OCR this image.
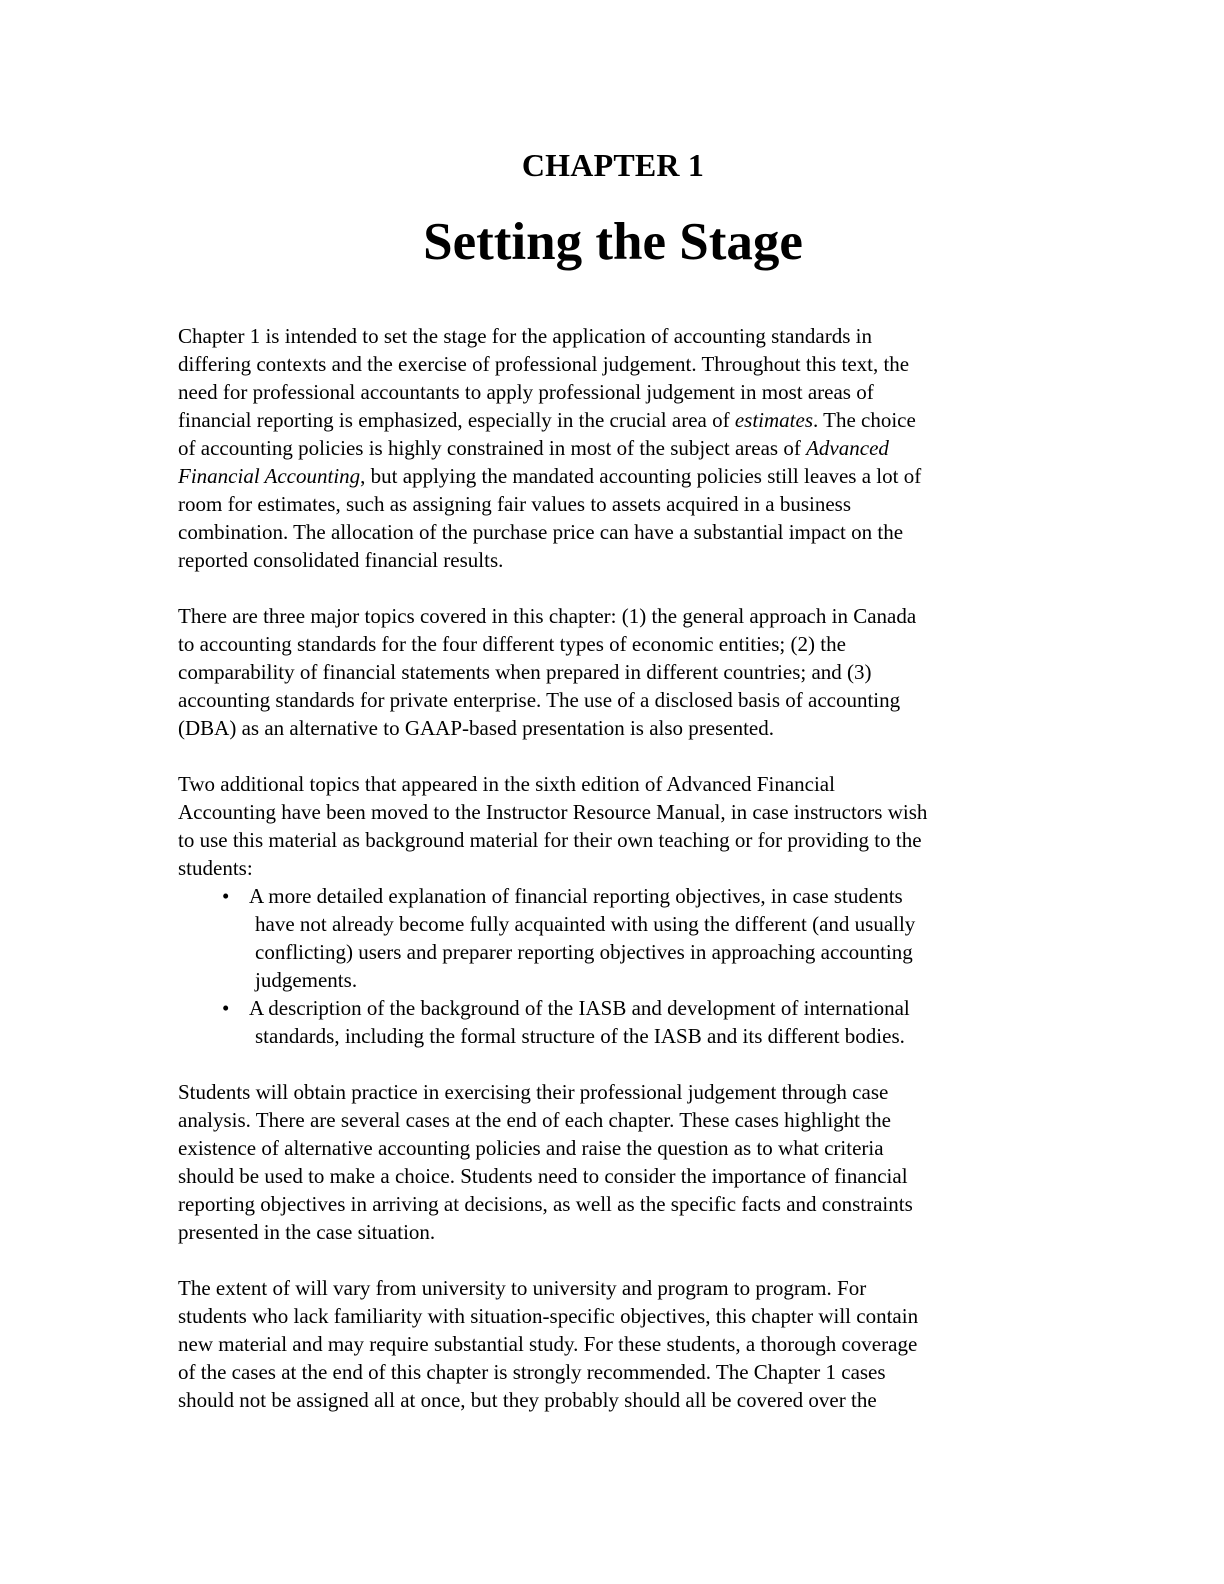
CHAPTER 1
Setting the Stage
Chapter 1 is intended to set the stage for the application of accounting standards in
differing contexts and the exercise of professional judgement. Throughout this text, the
need for professional accountants to apply professional judgement in most areas of
financial reporting is emphasized, especially in the crucial area of estimates. The choice
of accounting policies is highly constrained in most of the subject areas of Advanced
Financial Accounting, but applying the mandated accounting policies still leaves a lot of
room for estimates, such as assigning fair values to assets acquired in a business
combination. The allocation of the purchase price can have a substantial impact on the
reported consolidated financial results.
There are three major topics covered in this chapter: (1) the general approach in Canada
to accounting standards for the four different types of economic entities; (2) the
comparability of financial statements when prepared in different countries; and (3)
accounting standards for private enterprise. The use of a disclosed basis of accounting
(DBA) as an alternative to GAAP-based presentation is also presented.
Two additional topics that appeared in the sixth edition of Advanced Financial
Accounting have been moved to the Instructor Resource Manual, in case instructors wish
to use this material as background material for their own teaching or for providing to the
students:
• A more detailed explanation of financial reporting objectives, in case students
have not already become fully acquainted with using the different (and usually
conflicting) users and preparer reporting objectives in approaching accounting
judgements.
• A description of the background of the IASB and development of international
standards, including the formal structure of the IASB and its different bodies.
Students will obtain practice in exercising their professional judgement through case
analysis. There are several cases at the end of each chapter. These cases highlight the
existence of alternative accounting policies and raise the question as to what criteria
should be used to make a choice. Students need to consider the importance of financial
reporting objectives in arriving at decisions, as well as the specific facts and constraints
presented in the case situation.
The extent of will vary from university to university and program to program. For
students who lack familiarity with situation-specific objectives, this chapter will contain
new material and may require substantial study. For these students, a thorough coverage
of the cases at the end of this chapter is strongly recommended. The Chapter 1 cases
should not be assigned all at once, but they probably should all be covered over the
